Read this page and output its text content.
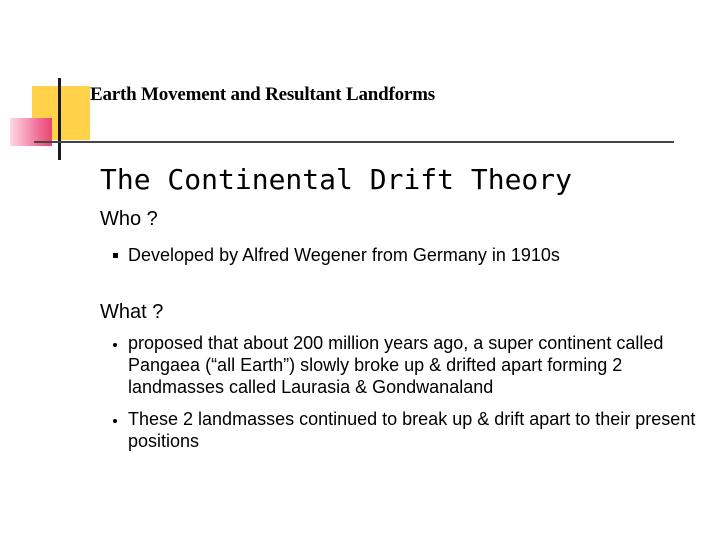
Earth Movement and Resultant Landforms
The Continental Drift Theory
Who ?

Developed by Alfred Wegener from Germany in 1910s

What ?

proposed that about 200 million years ago, a super continent called Pangaea (“all Earth”) slowly broke up & drifted apart forming 2 landmasses called Laurasia & Gondwanaland

These 2 landmasses continued to break up & drift apart to their present positions
